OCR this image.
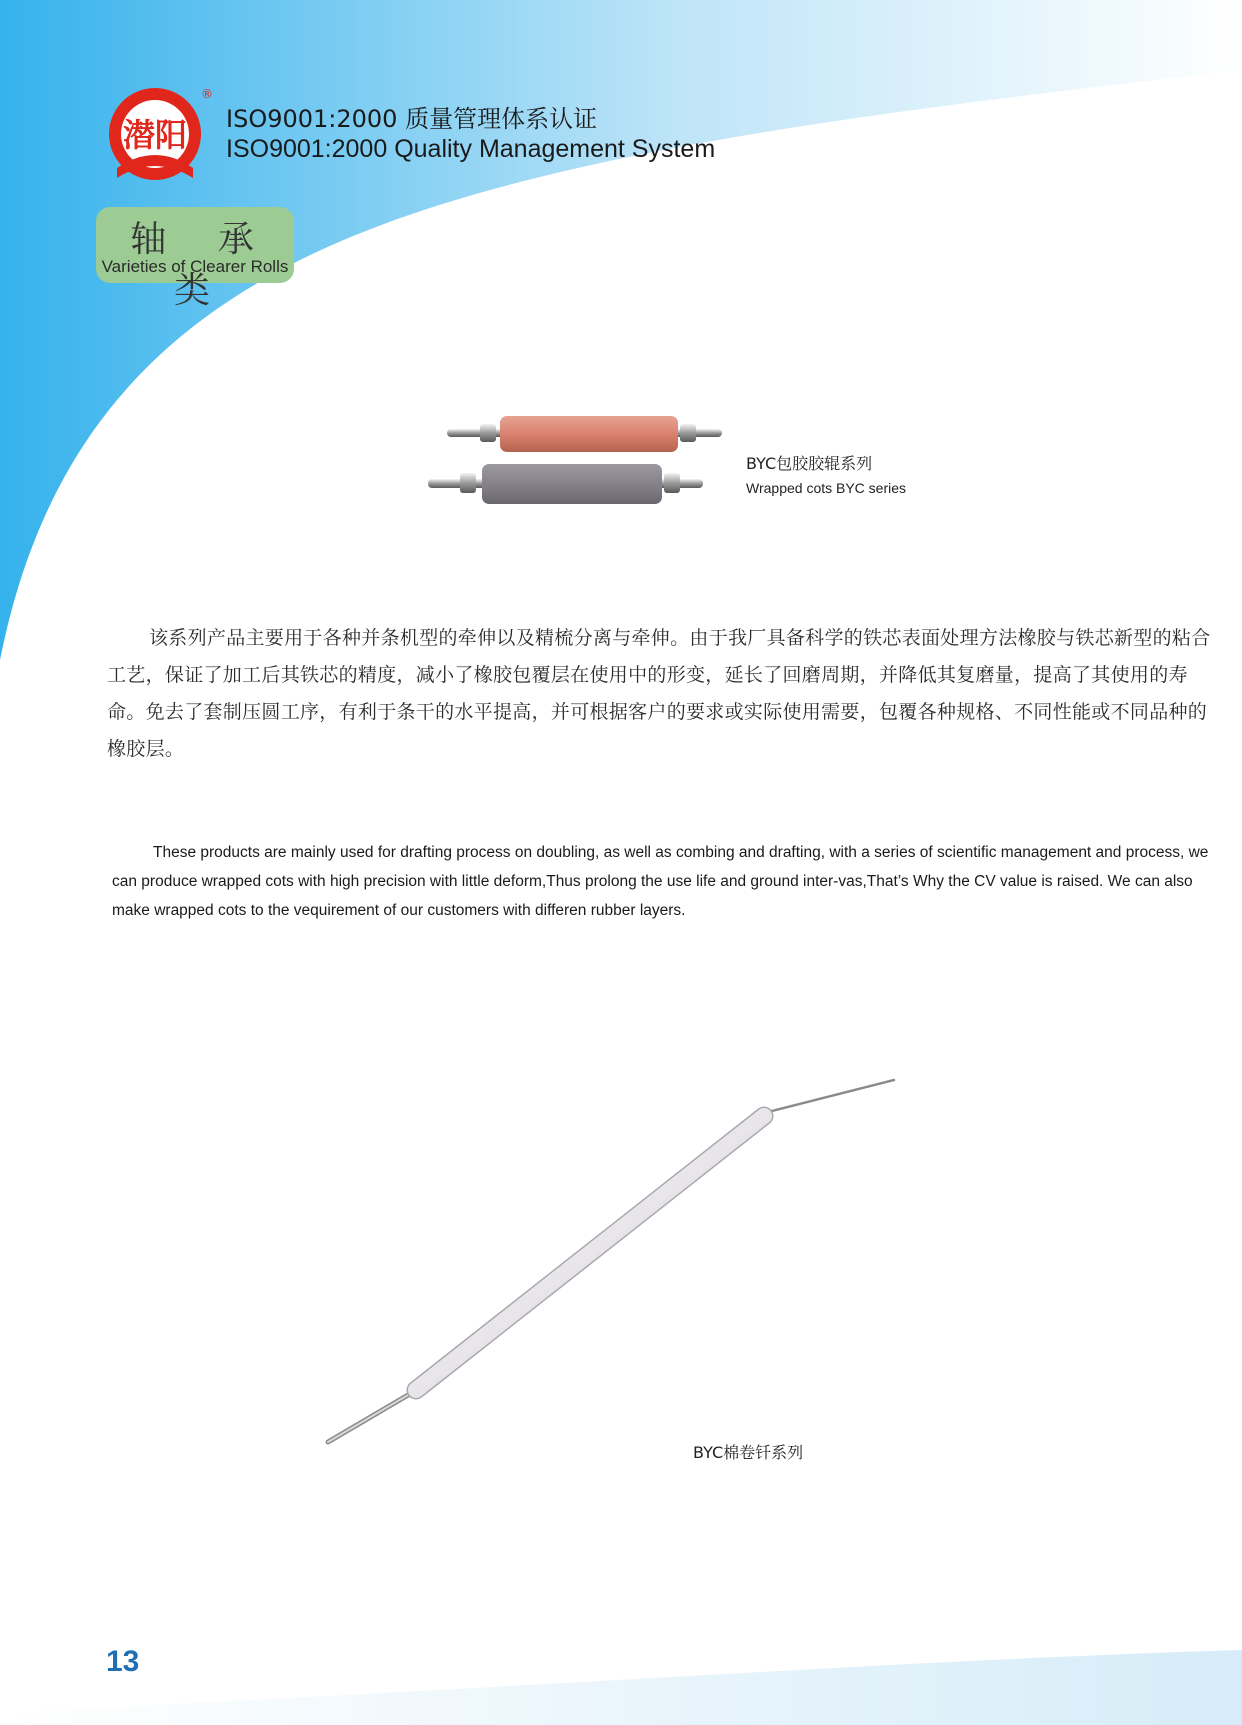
潜阳
®
ISO9001:2000 质量管理体系认证
ISO9001:2000 Quality Management System
轴 承 类
Varieties of Clearer Rolls
BYC包胶胶辊系列
Wrapped cots BYC series

该系列产品主要用于各种并条机型的牵伸以及精梳分离与牵伸。由于我厂具备科学的铁芯表面处理方法橡胶与铁芯新型的粘合工艺，保证了加工后其铁芯的精度，减小了橡胶包覆层在使用中的形变，延长了回磨周期，并降低其复磨量，提高了其使用的寿命。免去了套制压圆工序，有利于条干的水平提高，并可根据客户的要求或实际使用需要，包覆各种规格、不同性能或不同品种的橡胶层。

These products are mainly used for drafting process on doubling, as well as combing and drafting, with a series of scientific management and process, we can produce wrapped cots with high precision with little deform,Thus prolong the use life and ground inter-vas,That’s Why the CV value is raised. We can also make wrapped cots to the vequirement of our customers with differen rubber layers.

BYC棉卷钎系列
13
